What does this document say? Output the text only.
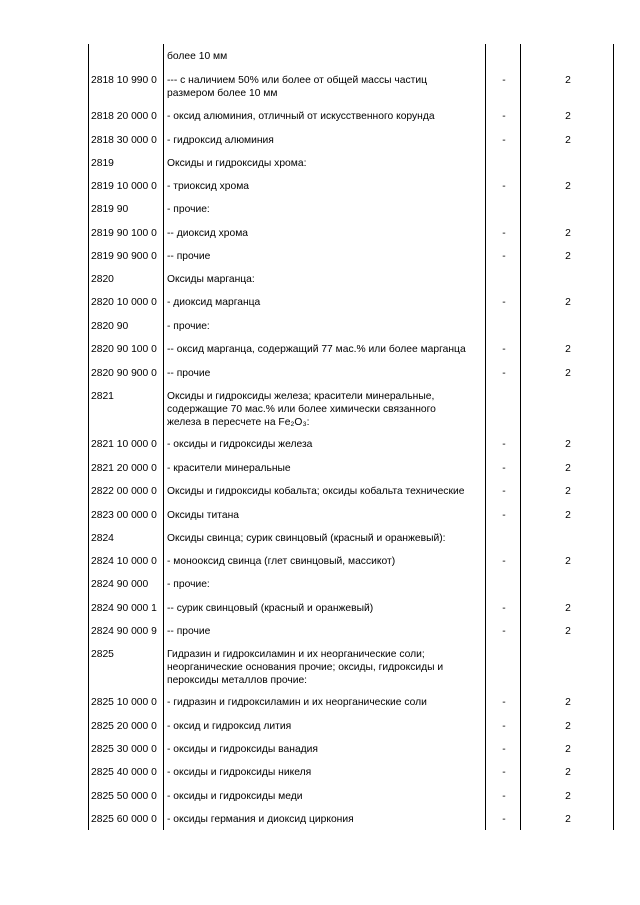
более 10 мм
2818 10 990 0 --- с наличием 50% или более от общей массы частиц
размером более 10 мм
-	2
2818 20 000 0 - оксид алюминия, отличный от искусственного корунда	-	2
2818 30 000 0 - гидроксид алюминия	-	2
2819	Оксиды и гидроксиды хрома:
2819 10 000 0 - триоксид хрома	-	2
2819 90	- прочие:
2819 90 100 0 -- диоксид хрома	-	2
2819 90 900 0 -- прочие	-	2
2820	Оксиды марганца:
2820 10 000 0 - диоксид марганца	-	2
2820 90	- прочие:
2820 90 100 0 -- оксид марганца, содержащий 77 мас.% или более марганца	-	2
2820 90 900 0 -- прочие	-	2
2821	Оксиды и гидроксиды железа; красители минеральные,
содержащие 70 мас.% или более химически связанного
железа в пересчете на Fe₂O₃:
2821 10 000 0 - оксиды и гидроксиды железа	-	2
2821 20 000 0 - красители минеральные	-	2
2822 00 000 0 Оксиды и гидроксиды кобальта; оксиды кобальта технические	-	2
2823 00 000 0 Оксиды титана	-	2
2824	Оксиды свинца; сурик свинцовый (красный и оранжевый):
2824 10 000 0 - монооксид свинца (глет свинцовый, массикот)	-	2
2824 90 000 - прочие:
2824 90 000 1 -- сурик свинцовый (красный и оранжевый)	-	2
2824 90 000 9 -- прочие	-	2
2825	Гидразин и гидроксиламин и их неорганические соли;
неорганические основания прочие; оксиды, гидроксиды и
пероксиды металлов прочие:
2825 10 000 0 - гидразин и гидроксиламин и их неорганические соли	-	2
2825 20 000 0 - оксид и гидроксид лития	-	2
2825 30 000 0 - оксиды и гидроксиды ванадия	-	2
2825 40 000 0 - оксиды и гидроксиды никеля	-	2
2825 50 000 0 - оксиды и гидроксиды меди	-	2
2825 60 000 0 - оксиды германия и диоксид циркония	-	2
